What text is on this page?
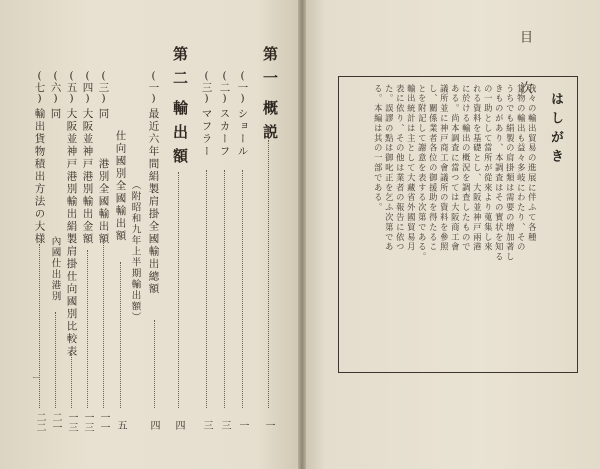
目次 はしがき
我々の輸出貿易の進展に伴ふて各種
貨物の輸出も益々多岐にわたり、その
うちでも絹製の肩掛類は需要の增加著し
きものがあり、本調査はその實状を知る
の一助として當所が從來より蒐集し來
れる資料を基礎とし、大阪並神戸兩港
に於ける輸出の概況を調査したもので
ある。尚本調査に當つては大阪商工會
議所並に神戸商工會議所の資料を參照
し、關係業者各位の御援助を得たるこ
とを附記して謝意を表する次第である。
輸出統計は主として大藏省外國貿易月
表に依り、その他は業者の報告に依つ
た。誤謬の點は御叱正を乞ふ次第であ
る。本編は其の一部である。
第一
概説
一
(一)
ショール
一
(二)
スカーフ
三
(三)
マフラー
三
第二
輸出額
四
(一)
最近六年間絹製肩掛全國輸出總額
四
（附昭和九年上半期輸出額）
仕向國別全國輸出額
五
(三)
同　　　港別全國輸出額
一一
(四)
大阪並神戸港別輸出金額
一三
(五)
大阪並神戸港別輸出絹製肩掛仕向國別比較表
一三
(六)
同
內國仕出港別
二一
(七)
輸出貨物積出方法の大様
二二
ー
